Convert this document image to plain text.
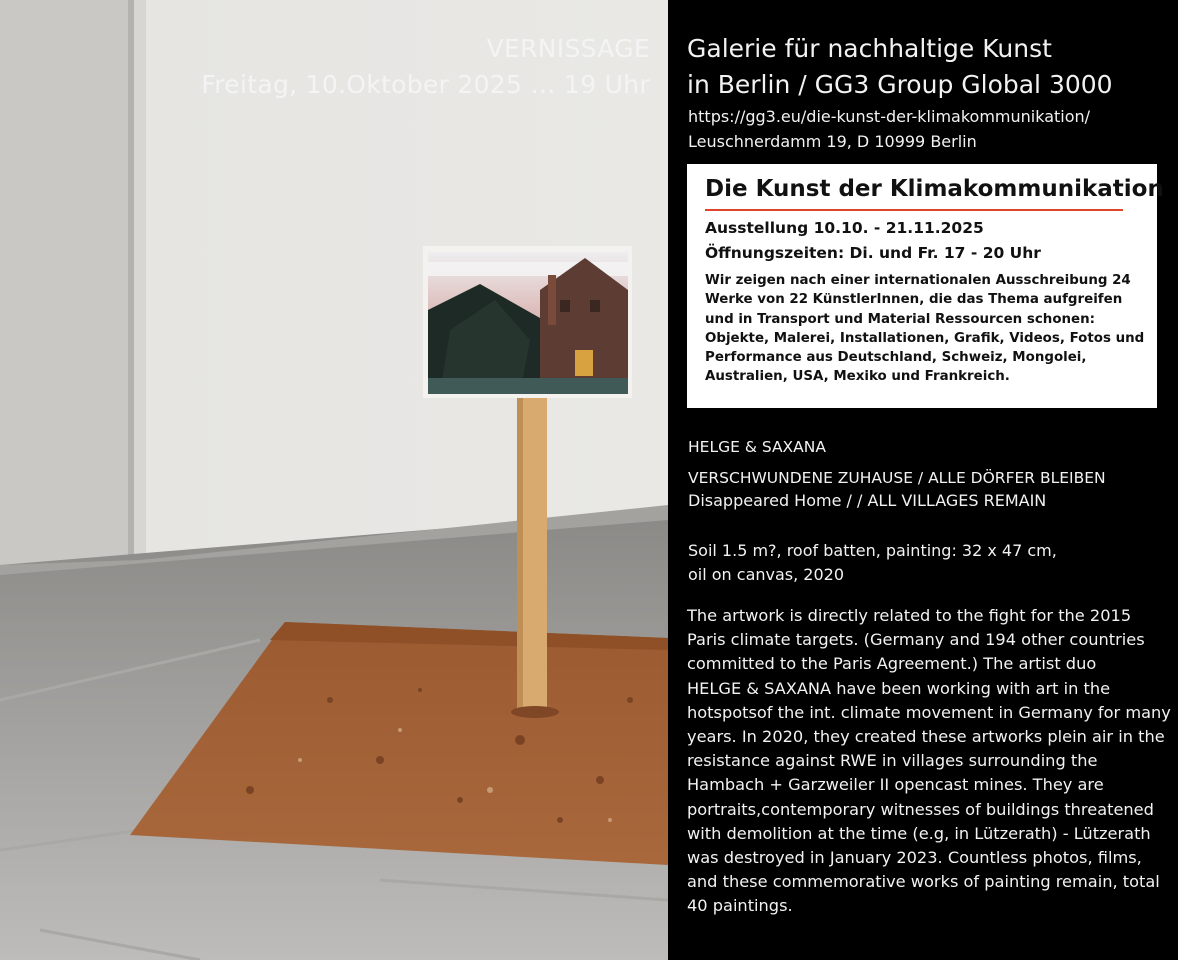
VERNISSAGE
Freitag, 10.Oktober 2025 … 19 Uhr
Galerie für nachhaltige Kunst
in Berlin / GG3 Group Global 3000
https://gg3.eu/die-kunst-der-klimakommunikation/
Leuschnerdamm 19, D 10999 Berlin
Die Kunst der Klimakommunikation
Ausstellung 10.10. - 21.11.2025
Öffnungszeiten: Di. und Fr. 17 - 20 Uhr
Wir zeigen nach einer internationalen Ausschreibung 24
Werke von 22 KünstlerInnen, die das Thema aufgreifen
und in Transport und Material Ressourcen schonen:
Objekte, Malerei, Installationen, Grafik, Videos, Fotos und
Performance aus Deutschland, Schweiz, Mongolei,
Australien, USA, Mexiko und Frankreich.
HELGE & SAXANA
VERSCHWUNDENE ZUHAUSE / ALLE DÖRFER BLEIBEN
Disappeared Home / / ALL VILLAGES REMAIN
Soil 1.5 m?, roof batten, painting: 32 x 47 cm,
oil on canvas, 2020
The artwork is directly related to the fight for the 2015
Paris climate targets. (Germany and 194 other countries
committed to the Paris Agreement.) The artist duo
HELGE & SAXANA have been working with art in the
hotspotsof the int. climate movement in Germany for many
years. In 2020, they created these artworks plein air in the
resistance against RWE in villages surrounding the
Hambach + Garzweiler II opencast mines. They are
portraits,contemporary witnesses of buildings threatened
with demolition at the time (e.g, in Lützerath) - Lützerath
was destroyed in January 2023. Countless photos, films,
and these commemorative works of painting remain, total
40 paintings.
